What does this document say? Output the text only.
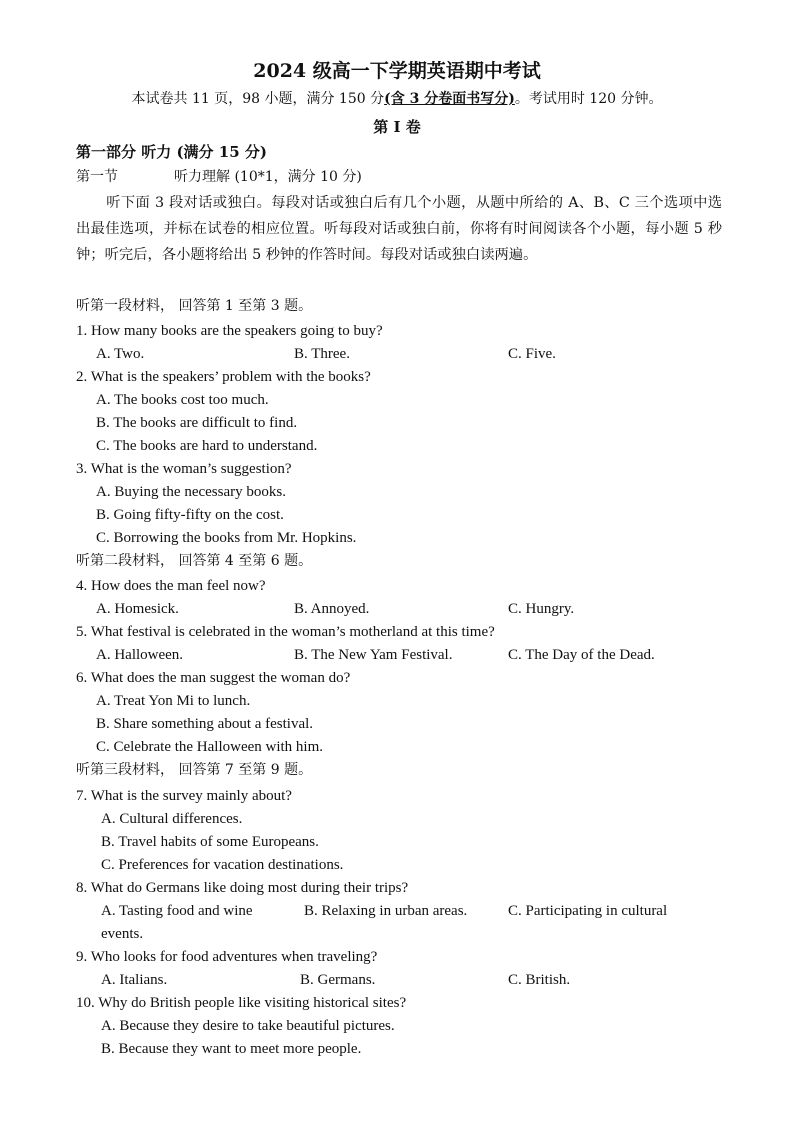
2024 级高一下学期英语期中考试
本试卷共 11 页，98 小题，满分 150 分(含 3 分卷面书写分)。考试用时 120 分钟。
第 I 卷
第一部分 听力 (满分 15 分)
第一节	听力理解 (10*1，满分 10 分)
听下面 3 段对话或独白。每段对话或独白后有几个小题，从题中所给的 A、B、C 三个选项中选出最佳选项，并标在试卷的相应位置。听每段对话或独白前，你将有时间阅读各个小题，每小题 5 秒钟；听完后，各小题将给出 5 秒钟的作答时间。每段对话或独白读两遍。
听第一段材料， 回答第 1 至第 3 题。
1. How many books are the speakers going to buy?
A. Two.	B. Three.	C. Five.
2. What is the speakers’ problem with the books?
A. The books cost too much.
B. The books are difficult to find.
C. The books are hard to understand.
3. What is the woman’s suggestion?
A. Buying the necessary books.
B. Going fifty-fifty on the cost.
C. Borrowing the books from Mr. Hopkins.
听第二段材料， 回答第 4 至第 6 题。
4. How does the man feel now?
A. Homesick.	B. Annoyed.	C. Hungry.
5. What festival is celebrated in the woman’s motherland at this time?
A. Halloween.	B. The New Yam Festival.	C. The Day of the Dead.
6. What does the man suggest the woman do?
A. Treat Yon Mi to lunch.
B. Share something about a festival.
C. Celebrate the Halloween with him.
听第三段材料， 回答第 7 至第 9 题。
7. What is the survey mainly about?
A. Cultural differences.
B. Travel habits of some Europeans.
C. Preferences for vacation destinations.
8. What do Germans like doing most during their trips?
A. Tasting food and wine	B. Relaxing in urban areas.	C. Participating in cultural
events.
9. Who looks for food adventures when traveling?
A. Italians.	B. Germans.	C. British.
10. Why do British people like visiting historical sites?
A. Because they desire to take beautiful pictures.
B. Because they want to meet more people.
